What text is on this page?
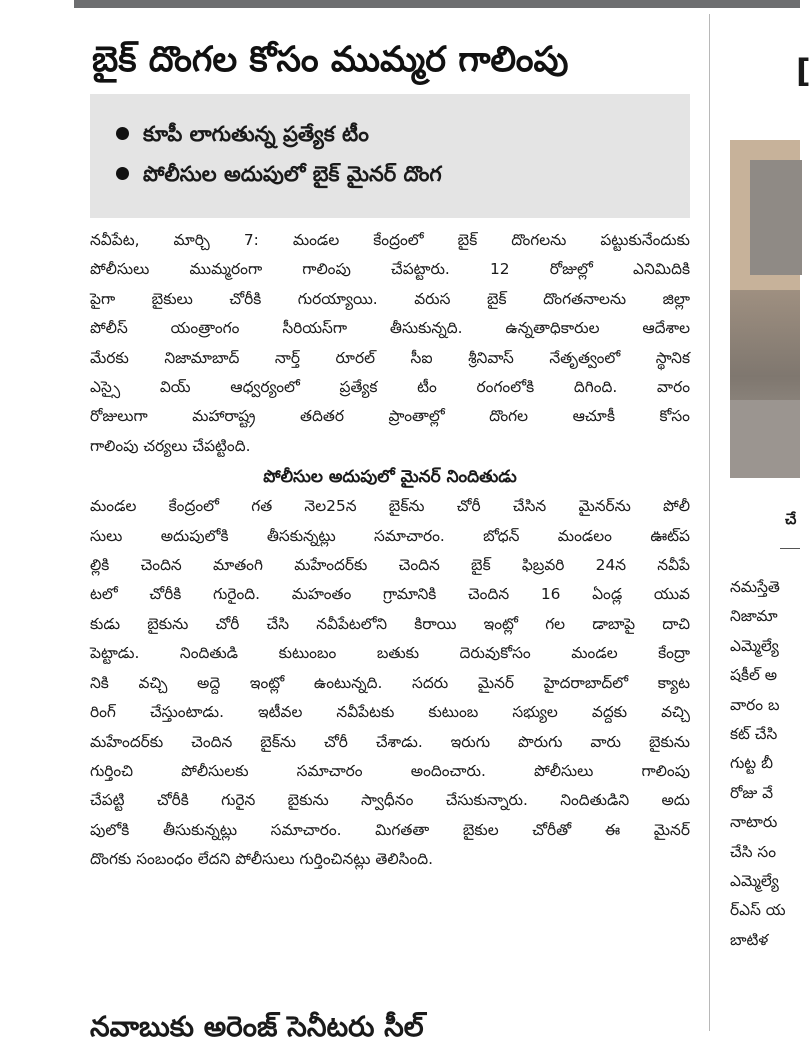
బైక్ దొంగల కోసం ముమ్మర గాలింపు
కూపీ లాగుతున్న ప్రత్యేక టీం
పోలీసుల అదుపులో బైక్ మైనర్ దొంగ
నవీపేట, మార్చి 7: మండల కేంద్రంలో బైక్ దొంగలను పట్టుకునేందుకు
పోలీసులు ముమ్మరంగా గాలింపు చేపట్టారు. 12 రోజుల్లో ఎనిమిదికి
పైగా బైకులు చోరీకి గురయ్యాయి. వరుస బైక్ దొంగతనాలను జిల్లా
పోలీస్ యంత్రాంగం సీరియస్‌గా తీసుకున్నది. ఉన్నతాధికారుల ఆదేశాల
మేరకు నిజామాబాద్ నార్త్ రూరల్ సీఐ శ్రీనివాస్ నేతృత్వంలో స్థానిక
ఎస్సై వియ్ ఆధ్వర్యంలో ప్రత్యేక టీం రంగంలోకి దిగింది. వారం
రోజులుగా మహారాష్ట్ర తదితర ప్రాంతాల్లో దొంగల ఆచూకీ కోసం
గాలింపు చర్యలు చేపట్టింది.
పోలీసుల అదుపులో మైనర్ నిందితుడు
మండల కేంద్రంలో గత నెల25న బైక్‌ను చోరీ చేసిన మైనర్‌ను పోలీ
సులు అదుపులోకి తీసకున్నట్లు సమాచారం. బోధన్ మండలం ఊట్‌ప
ల్లికి చెందిన మాతంగి మహేందర్‌కు చెందిన బైక్ ఫిబ్రవరి 24న నవీపే
టలో చోరీకి గురైంది. మహంతం గ్రామానికి చెందిన 16 ఏండ్ల యువ
కుడు బైకును చోరీ చేసి నవీపేటలోని కిరాయి ఇంట్లో గల డాబాపై దాచి
పెట్టాడు. నిందితుడి కుటుంబం బతుకు దెరువుకోసం మండల కేంద్రా
నికి వచ్చి అద్దె ఇంట్లో ఉంటున్నది. సదరు మైనర్ హైదరాబాద్‌లో క్యాట
రింగ్ చేస్తుంటాడు. ఇటీవల నవీపేటకు కుటుంబ సభ్యుల వద్దకు వచ్చి
మహేందర్‌కు చెందిన బైక్‌ను చోరీ చేశాడు. ఇరుగు పొరుగు వారు బైకును
గుర్తించి పోలీసులకు సమాచారం అందించారు. పోలీసులు గాలింపు
చేపట్టి చోరీకి గురైన బైకును స్వాధీనం చేసుకున్నారు. నిందితుడిని అదు
పులోకి తీసుకున్నట్లు సమాచారం. మిగతతా బైకుల చోరీతో ఈ మైనర్
దొంగకు సంబంధం లేదని పోలీసులు గుర్తించినట్లు తెలిసింది.
నవాబుకు అరెంజ్ సెనీటరు సీల్
[
చే
నమస్తేతె
నిజామా
ఎమ్మెల్యే
షకీల్ అ
వారం బ
కట్ చేసి
గుట్ట బీ
రోజు వే
నాటారు
చేసి సం
ఎమ్మెల్యే
ర్‌ఎస్ య
బాటిళ
